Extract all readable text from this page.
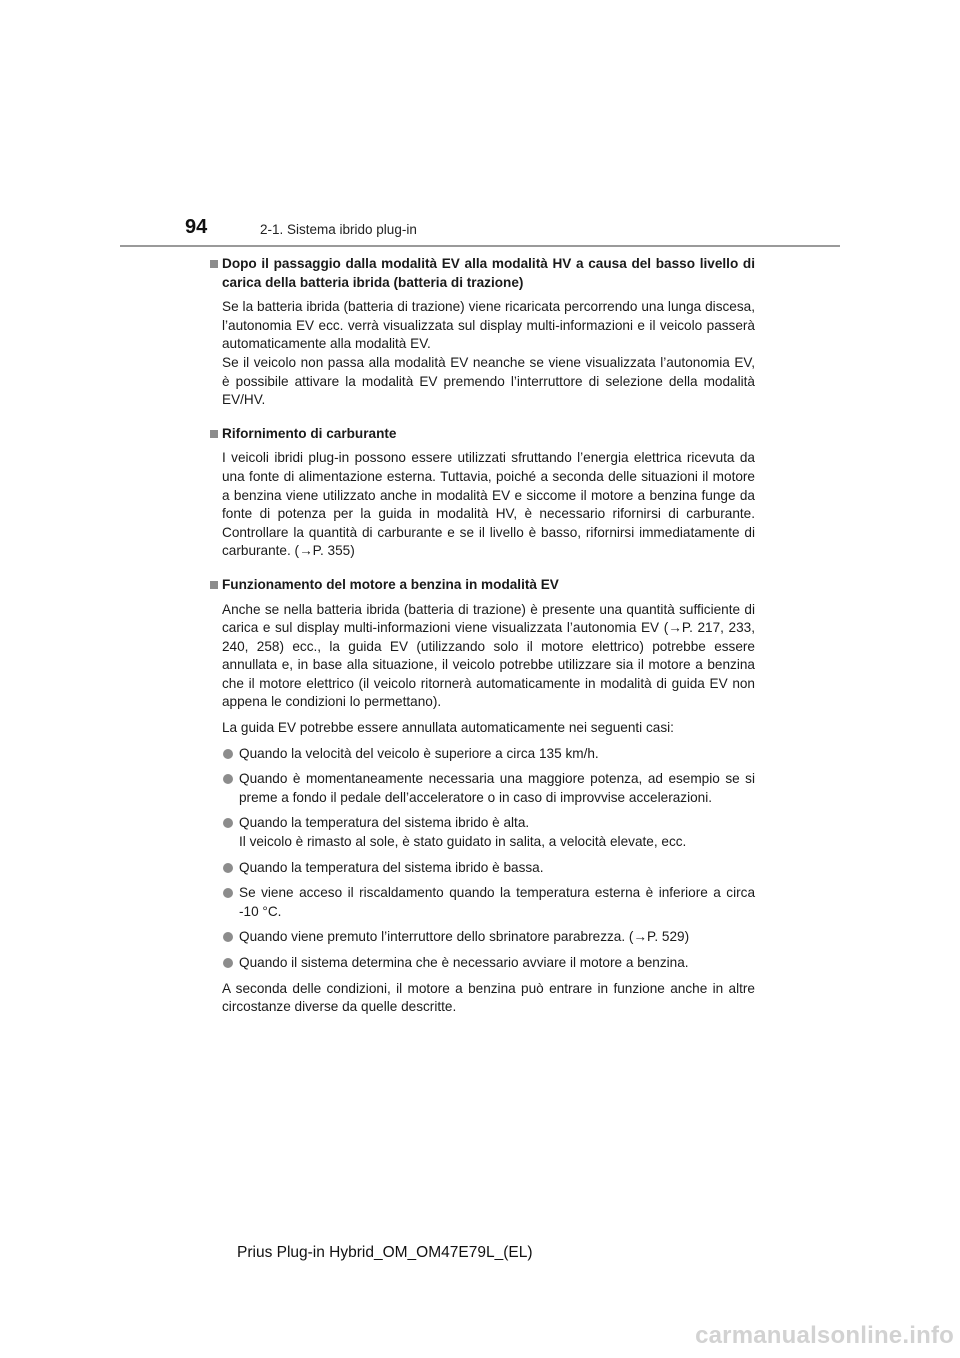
94	2-1. Sistema ibrido plug-in
Dopo il passaggio dalla modalità EV alla modalità HV a causa del basso livello di carica della batteria ibrida (batteria di trazione)

Se la batteria ibrida (batteria di trazione) viene ricaricata percorrendo una lunga discesa, l’autonomia EV ecc. verrà visualizzata sul display multi-informazioni e il veicolo passerà automaticamente alla modalità EV.

Se il veicolo non passa alla modalità EV neanche se viene visualizzata l’autonomia EV, è possibile attivare la modalità EV premendo l’interruttore di selezione della modalità EV/HV.

Rifornimento di carburante

I veicoli ibridi plug-in possono essere utilizzati sfruttando l’energia elettrica ricevuta da una fonte di alimentazione esterna. Tuttavia, poiché a seconda delle situazioni il motore a benzina viene utilizzato anche in modalità EV e siccome il motore a benzina funge da fonte di potenza per la guida in modalità HV, è necessario rifornirsi di carburante. Controllare la quantità di carburante e se il livello è basso, rifornirsi immediatamente di carburante. (→P. 355)

Funzionamento del motore a benzina in modalità EV

Anche se nella batteria ibrida (batteria di trazione) è presente una quantità sufficiente di carica e sul display multi-informazioni viene visualizzata l’autonomia EV (→P. 217, 233, 240, 258) ecc., la guida EV (utilizzando solo il motore elettrico) potrebbe essere annullata e, in base alla situazione, il veicolo potrebbe utilizzare sia il motore a benzina che il motore elettrico (il veicolo ritornerà automaticamente in modalità di guida EV non appena le condizioni lo permettano).

La guida EV potrebbe essere annullata automaticamente nei seguenti casi:

Quando la velocità del veicolo è superiore a circa 135 km/h.
Quando è momentaneamente necessaria una maggiore potenza, ad esempio se si preme a fondo il pedale dell’acceleratore o in caso di improvvise accelerazioni.
Quando la temperatura del sistema ibrido è alta.
Il veicolo è rimasto al sole, è stato guidato in salita, a velocità elevate, ecc.
Quando la temperatura del sistema ibrido è bassa.
Se viene acceso il riscaldamento quando la temperatura esterna è inferiore a circa -10 °C.
Quando viene premuto l’interruttore dello sbrinatore parabrezza. (→P. 529)
Quando il sistema determina che è necessario avviare il motore a benzina.

A seconda delle condizioni, il motore a benzina può entrare in funzione anche in altre circostanze diverse da quelle descritte.

Prius Plug-in Hybrid_OM_OM47E79L_(EL)
carmanualsonline.info
